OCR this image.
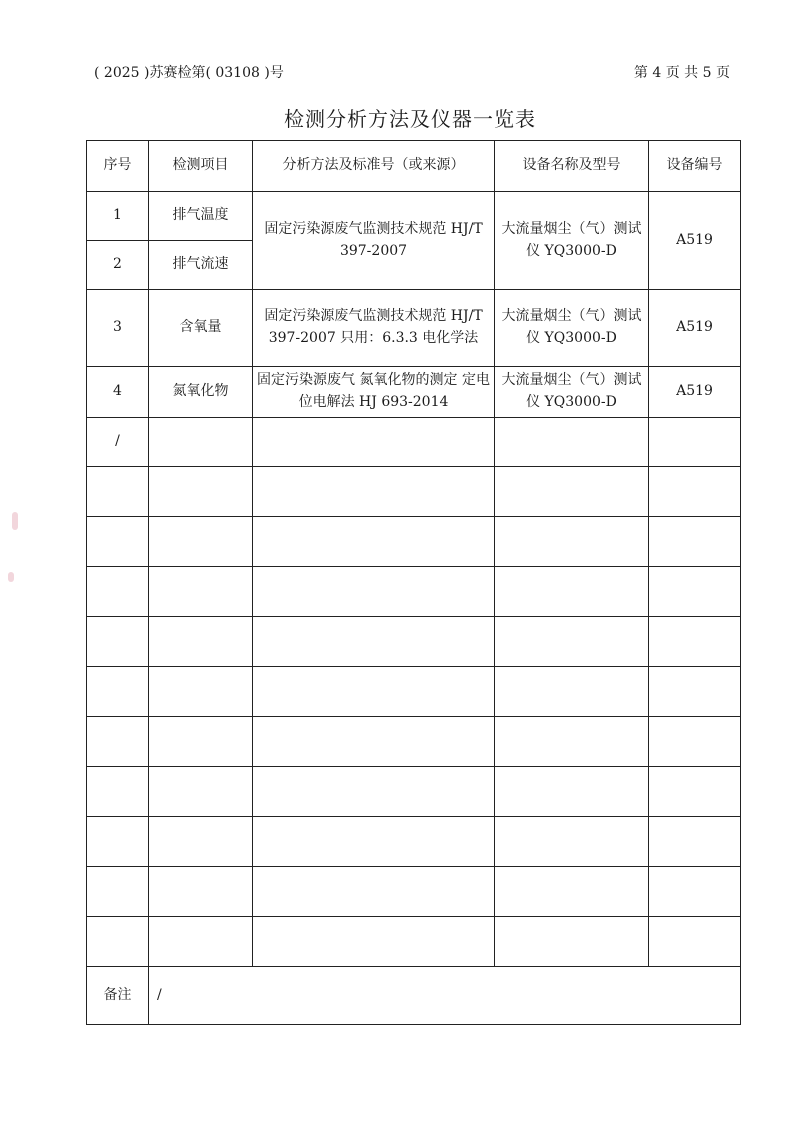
( 2025 )苏赛检第( 03108 )号	第 4 页 共 5 页
检测分析方法及仪器一览表
序号	检测项目	分析方法及标准号（或来源）	设备名称及型号	设备编号
1	排气温度	固定污染源废气监测技术规范 HJ/T 397-2007	大流量烟尘（气）测试仪 YQ3000-D	A519
2	排气流速			
3	含氧量	固定污染源废气监测技术规范 HJ/T 397-2007 只用：6.3.3 电化学法	大流量烟尘（气）测试仪 YQ3000-D	A519
4	氮氧化物	固定污染源废气 氮氧化物的测定 定电位电解法 HJ 693-2014	大流量烟尘（气）测试仪 YQ3000-D	A519
/				

备注	/			
